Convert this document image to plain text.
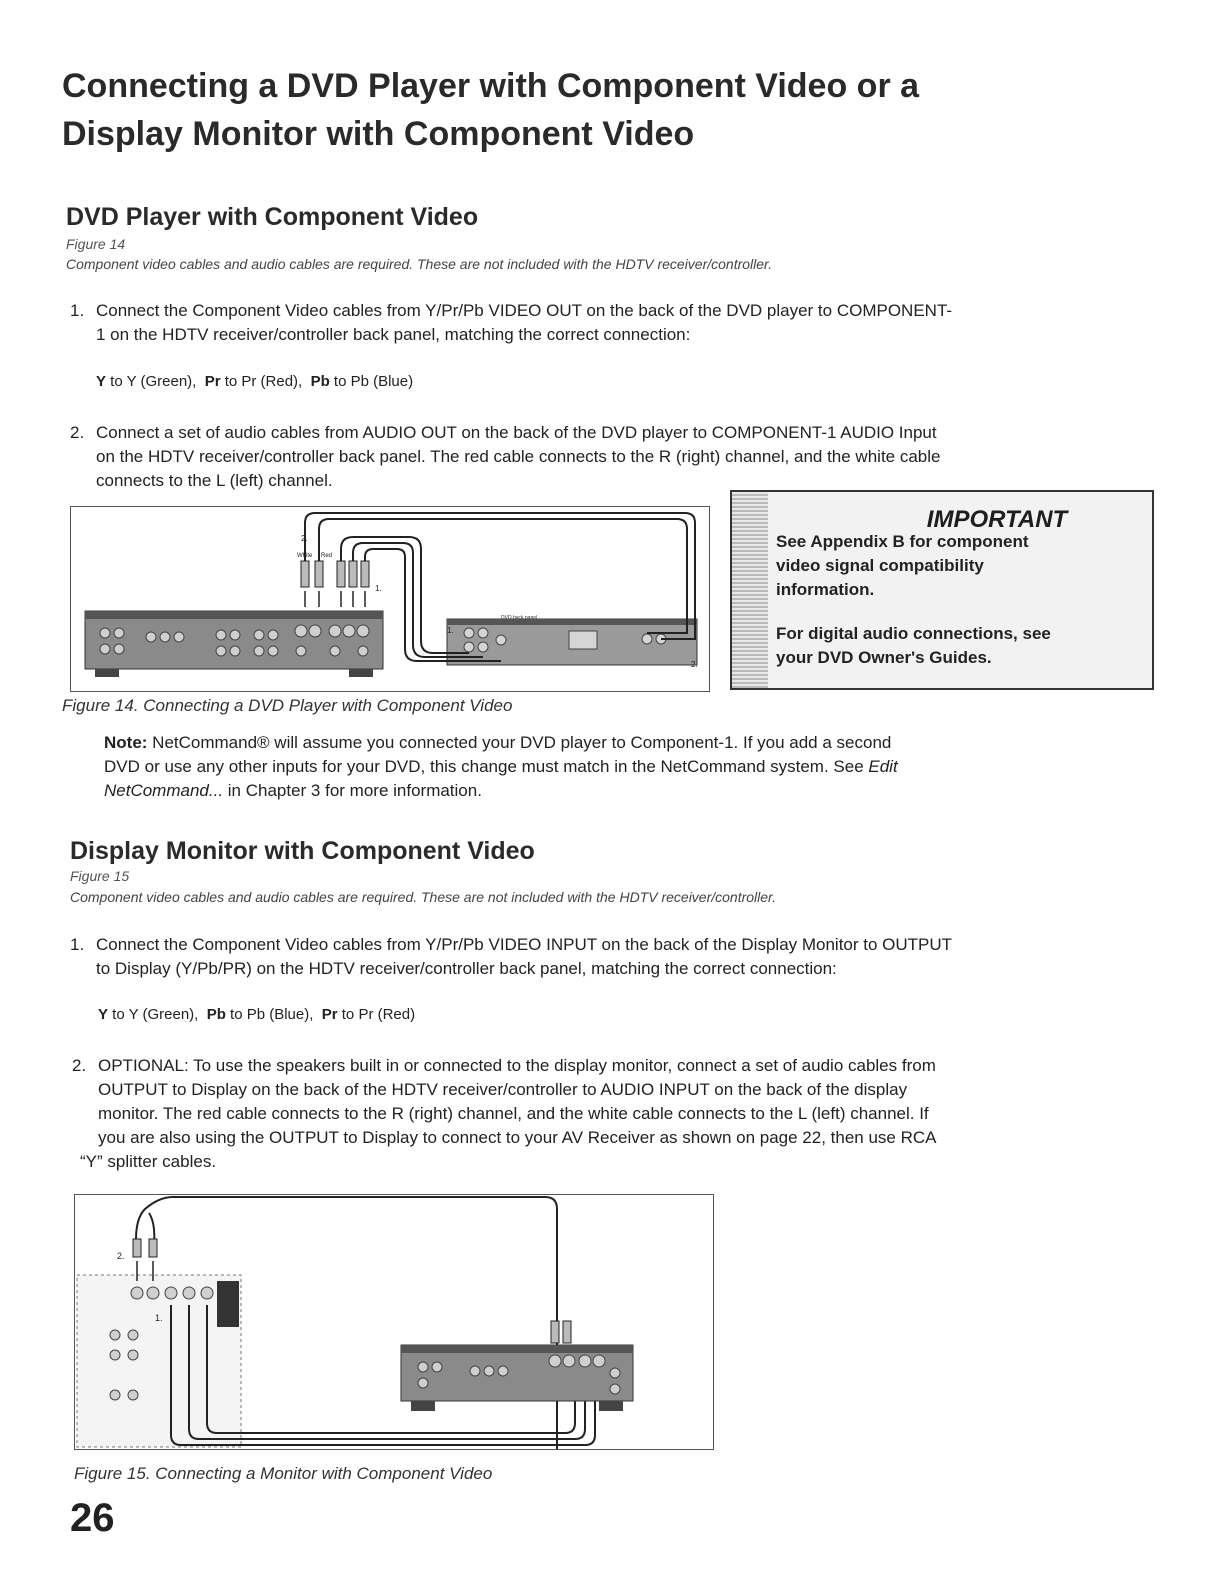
Connecting a DVD Player with Component Video or a
Display Monitor with Component Video
DVD Player with Component Video
Figure 14
Component video cables and audio cables are required. These are not included with the HDTV receiver/controller.
1. Connect the Component Video cables from Y/Pr/Pb VIDEO OUT on the back of the DVD player to COMPONENT-
1 on the HDTV receiver/controller back panel, matching the correct connection:
Y to Y (Green), Pr to Pr (Red), Pb to Pb (Blue)
2. Connect a set of audio cables from AUDIO OUT on the back of the DVD player to COMPONENT-1 AUDIO Input
on the HDTV receiver/controller back panel. The red cable connects to the R (right) channel, and the white cable
connects to the L (left) channel.
DVD back panel
2.
White Red
1.
1.
2.
IMPORTANT
See Appendix B for component
video signal compatibility
information.
For digital audio connections, see
your DVD Owner's Guides.
Figure 14. Connecting a DVD Player with Component Video
Note: NetCommand® will assume you connected your DVD player to Component-1. If you add a second
DVD or use any other inputs for your DVD, this change must match in the NetCommand system. See Edit
NetCommand... in Chapter 3 for more information.
Display Monitor with Component Video
Figure 15
Component video cables and audio cables are required. These are not included with the HDTV receiver/controller.
1. Connect the Component Video cables from Y/Pr/Pb VIDEO INPUT on the back of the Display Monitor to OUTPUT
to Display (Y/Pb/PR) on the HDTV receiver/controller back panel, matching the correct connection:
Y to Y (Green), Pb to Pb (Blue), Pr to Pr (Red)
2. OPTIONAL: To use the speakers built in or connected to the display monitor, connect a set of audio cables from
OUTPUT to Display on the back of the HDTV receiver/controller to AUDIO INPUT on the back of the display
monitor. The red cable connects to the R (right) channel, and the white cable connects to the L (left) channel. If
you are also using the OUTPUT to Display to connect to your AV Receiver as shown on page 22, then use RCA
“Y” splitter cables.
2.
1.
Figure 15. Connecting a Monitor with Component Video
26
